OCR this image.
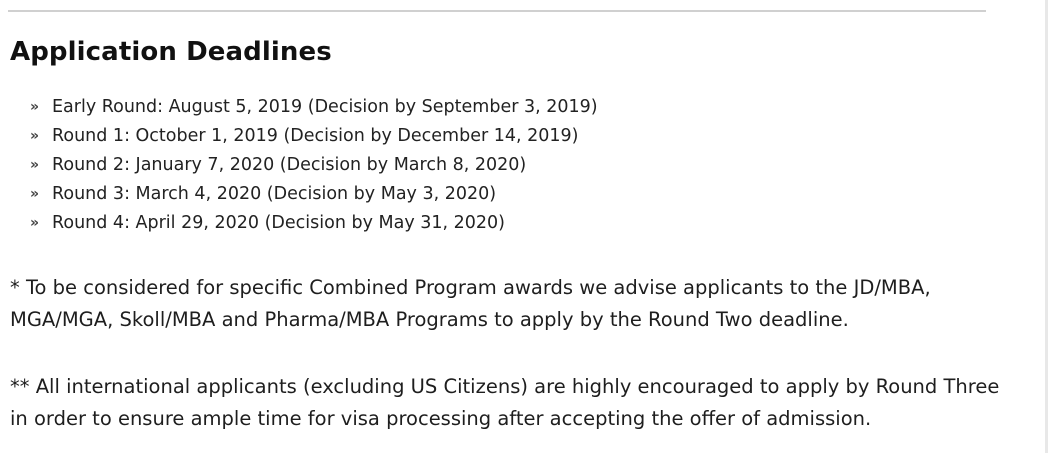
Application Deadlines
» Early Round: August 5, 2019 (Decision by September 3, 2019)
» Round 1: October 1, 2019 (Decision by December 14, 2019)
» Round 2: January 7, 2020 (Decision by March 8, 2020)
» Round 3: March 4, 2020 (Decision by May 3, 2020)
» Round 4: April 29, 2020 (Decision by May 31, 2020)

* To be considered for specific Combined Program awards we advise applicants to the JD/MBA, MGA/MGA, Skoll/MBA and Pharma/MBA Programs to apply by the Round Two deadline.

** All international applicants (excluding US Citizens) are highly encouraged to apply by Round Three in order to ensure ample time for visa processing after accepting the offer of admission.
